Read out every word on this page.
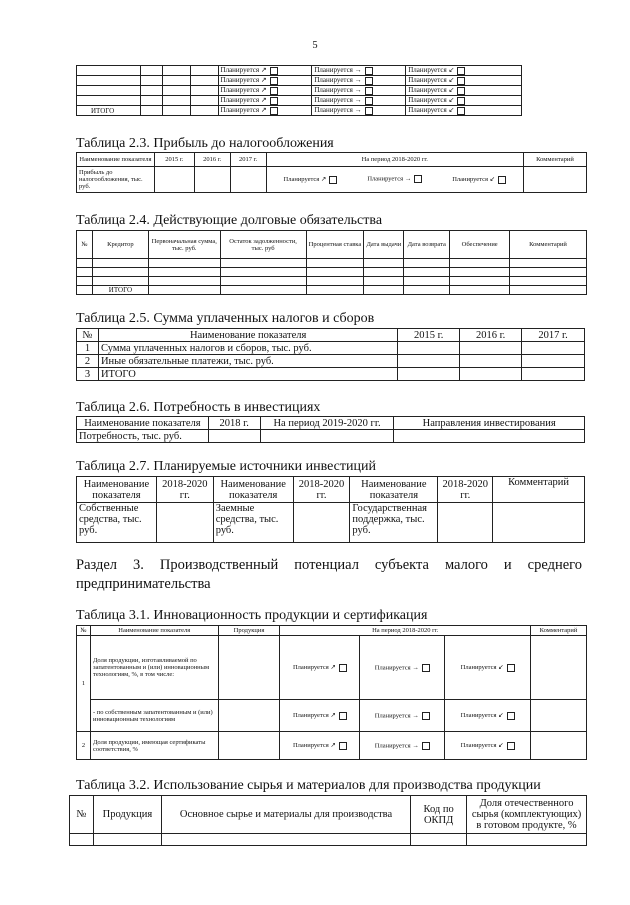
5
				Планируется ↗	Планируется →	Планируется ↙
				Планируется ↗	Планируется →	Планируется ↙
				Планируется ↗	Планируется →	Планируется ↙
				Планируется ↗	Планируется →	Планируется ↙
ИТОГО				Планируется ↗	Планируется →	Планируется ↙
Таблица 2.3. Прибыль до налогообложения
Наименование показателя	2015 г.	2016 г.	2017 г.	На период 2018-2020 гг.	Комментарий
Прибыль до налогообложения, тыс. руб.				Планируется ↗ Планируется → Планируется ↙	

Таблица 2.4. Действующие долговые обязательства
№	Кредитор	Первоначальная сумма, тыс. руб.	Остаток задолженности, тыс. руб	Процентная ставка	Дата выдачи	Дата возврата	Обеспечение	Комментарий

	ИТОГО							
Таблица 2.5. Сумма уплаченных налогов и сборов
№	Наименование показателя	2015 г.	2016 г.	2017 г.
1	Сумма уплаченных налогов и сборов, тыс. руб.			
2	Иные обязательные платежи, тыс. руб.			
3	ИТОГО			
Таблица 2.6. Потребность в инвестициях
Наименование показателя	2018 г.	На период 2019-2020 гг.	Направления инвестирования
Потребность, тыс. руб.			
Таблица 2.7. Планируемые источники инвестиций
Наименование показателя	2018-2020 гг.	Наименование показателя	2018-2020 гг.	Наименование показателя	2018-2020 гг.	Комментарий
Собственные средства, тыс. руб.		Заемные средства, тыс. руб.		Государственная поддержка, тыс. руб.		
Раздел 3. Производственный потенциал субъекта малого и среднего предпринимательства
Таблица 3.1. Инновационность продукции и сертификация
№	Наименование показателя	Продукция	На период 2018-2020 гг.			Комментарий
1	Доля продукции, изготавливаемой по запатентованным и (или) инновационным технологиям, %, в том числе:		Планируется ↗	Планируется →	Планируется ↙	
	- по собственным запатентованным и (или) инновационным технологиям		Планируется ↗	Планируется →	Планируется ↙	
2	Доля продукции, имеющая сертификаты соответствия, %		Планируется ↗	Планируется →	Планируется ↙	
Таблица 3.2. Использование сырья и материалов для производства продукции
№	Продукция	Основное сырье и материалы для производства	Код по ОКПД	Доля отечественного сырья (комплектующих) в готовом продукте, %
